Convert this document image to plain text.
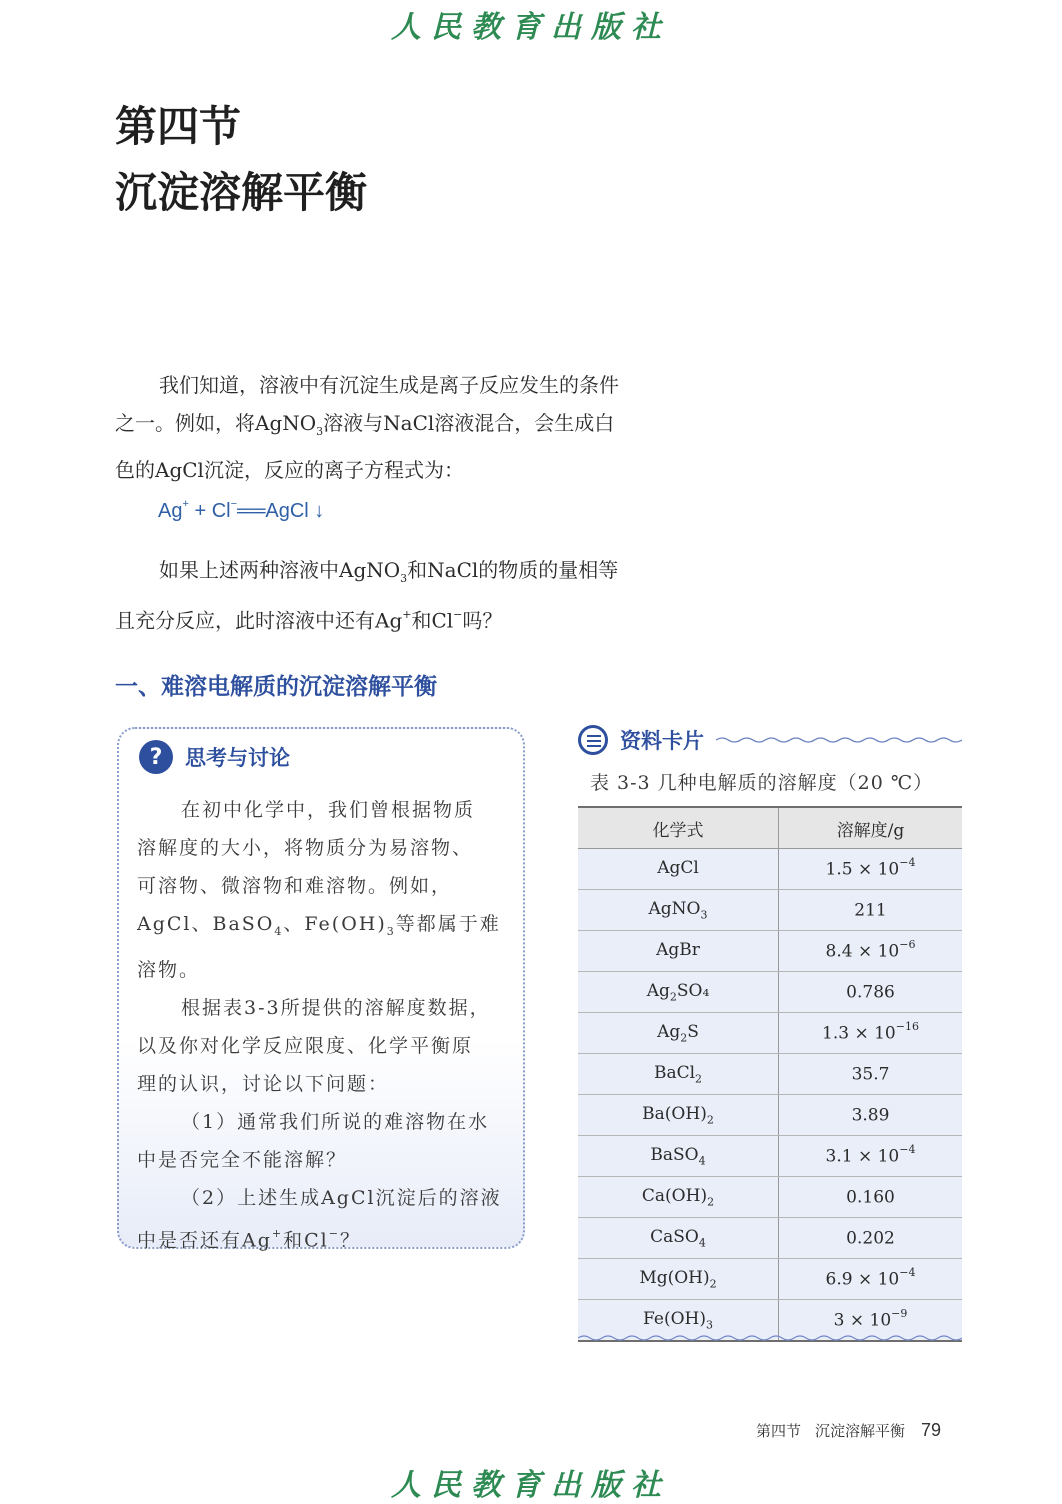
人民教育出版社
第四节
沉淀溶解平衡
我们知道，溶液中有沉淀生成是离子反应发生的条件
之一。例如，将AgNO$_3$溶液与NaCl溶液混合，会生成白
色的AgCl沉淀，反应的离子方程式为：
Ag+ + Cl−══AgCl ↓
如果上述两种溶液中AgNO$_3$和NaCl的物质的量相等
且充分反应，此时溶液中还有Ag+和Cl−吗？
一、难溶电解质的沉淀溶解平衡
?	思考与讨论
在初中化学中，我们曾根据物质
溶解度的大小，将物质分为易溶物、
可溶物、微溶物和难溶物。例如，
AgCl、BaSO$_4$、$Fe(OH)_3$等都属于难
溶物。
根据表3-3所提供的溶解度数据，
以及你对化学反应限度、化学平衡原
理的认识，讨论以下问题：
（1）通常我们所说的难溶物在水
中是否完全不能溶解？
（2）上述生成AgCl沉淀后的溶液
中是否还有Ag+和Cl−？
资料卡片
表 3-3 几种电解质的溶解度（20 ℃）
化学式	溶解度/g
AgCl	$1.5 \times 10^{-4}$
AgNO$_3$	211
AgBr	$8.4 \times 10^{-6}$
$Ag_2SO_4$	0.786
$Ag_2S$	$1.3 \times 10^{-16}$
BaCl$_2$	35.7
$Ba(OH)_2$	3.89
BaSO$_4$	$3.1 \times 10^{-4}$
$Ca(OH)_2$	0.160
CaSO$_4$	0.202
$Mg(OH)_2$	$6.9 \times 10^{-4}$
$Fe(OH)_3$	$3 \times 10^{-9}$
第四节 沉淀溶解平衡 79
人民教育出版社
